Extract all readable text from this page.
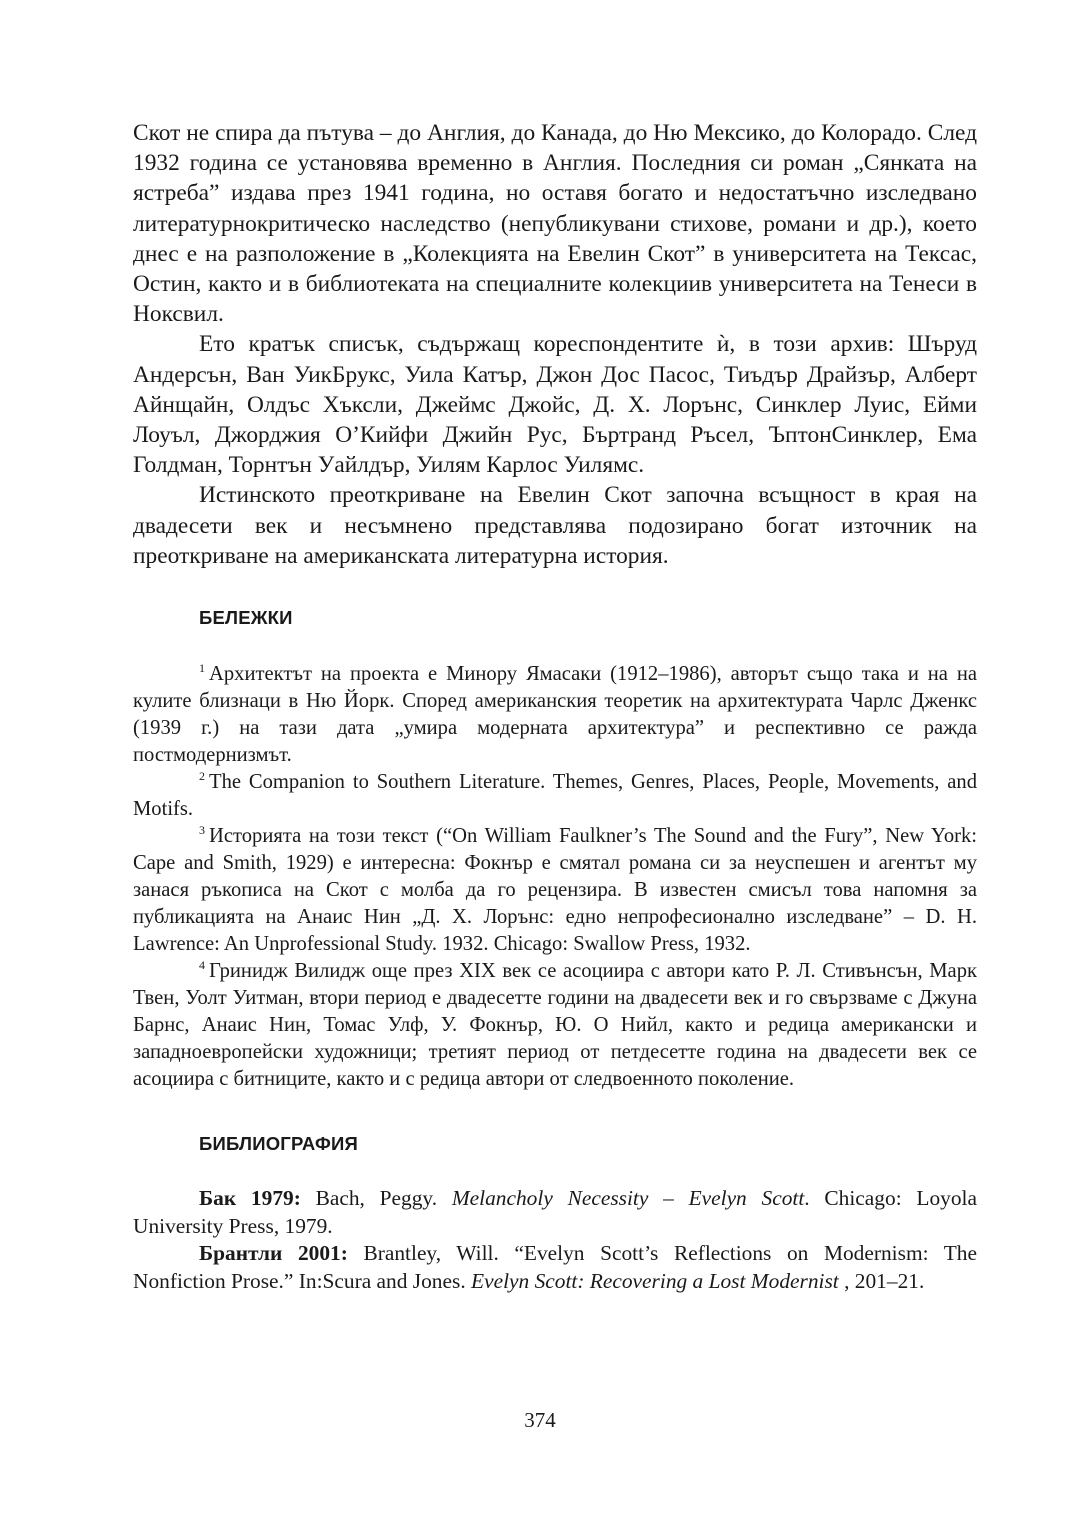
Скот не спира да пътува – до Англия, до Канада, до Ню Мексико, до Колорадо. След 1932 година се установява временно в Англия. Последния си роман „Сянката на ястреба” издава през 1941 година, но оставя богато и недостатъчно изследвано литературнокритическо наследство (непубликувани стихове, романи и др.), което днес е на разположение в „Колекцията на Евелин Скот” в университета на Тексас, Остин, както и в библиотеката на специалните колекциив университета на Тенеси в Ноксвил.

Ето кратък списък, съдържащ кореспондентите ѝ, в този архив: Шъруд Андерсън, Ван УикБрукс, Уила Катър, Джон Дос Пасос, Тиъдър Драйзър, Алберт Айнщайн, Олдъс Хъксли, Джеймс Джойс, Д. Х. Лорънс, Синклер Луис, Ейми Лоуъл, Джорджия О’Кийфи Джийн Рус, Бъртранд Ръсел, ЪптонСинклер, Ема Голдман, Торнтън Уайлдър, Уилям Карлос Уилямс.

Истинското преоткриване на Евелин Скот започна всъщност в края на двадесети век и несъмнено представлява подозирано богат източник на преоткриване на американската литературна история.

БЕЛЕЖКИ

$^1$ Архитектът на проекта е Минору Ямасаки (1912–1986), авторът също така и на на кулите близнаци в Ню Йорк. Според американския теоретик на архитектурата Чарлс Дженкс (1939 г.) на тази дата „умира модерната архитектура” и респективно се ражда постмодернизмът.

$^2$ The Companion to Southern Literature. Themes, Genres, Places, People, Movements, and Motifs.

$^3$ Историята на този текст (“On William Faulkner’s The Sound and the Fury”, New York: Cape and Smith, 1929) е интересна: Фокнър е смятал романа си за неуспешен и агентът му занася ръкописа на Скот с молба да го рецензира. В известен смисъл това напомня за публикацията на Анаис Нин „Д. Х. Лорънс: едно непрофесионално изследване” – D. H. Lawrence: An Unprofessional Study. 1932. Chicago: Swallow Press, 1932.

$^4$ Гринидж Вилидж още през XIX век се асоциира с автори като Р. Л. Стивънсън, Марк Твен, Уолт Уитман, втори период е двадесетте години на двадесети век и го свързваме с Джуна Барнс, Анаис Нин, Томас Улф, У. Фокнър, Ю. О Нийл, както и редица американски и западноевропейски художници; третият период от петдесетте година на двадесети век се асоциира с битниците, както и с редица автори от следвоенното поколение.

БИБЛИОГРАФИЯ

Бак 1979: Bach, Peggy. Melancholy Necessity – Evelyn Scott. Chicago: Loyola University Press, 1979.

Брантли 2001: Brantley, Will. “Evelyn Scott’s Reflections on Modernism: The Nonfiction Prose.” In:Scura and Jones. Evelyn Scott: Recovering a Lost Modernist , 201–21.

374
